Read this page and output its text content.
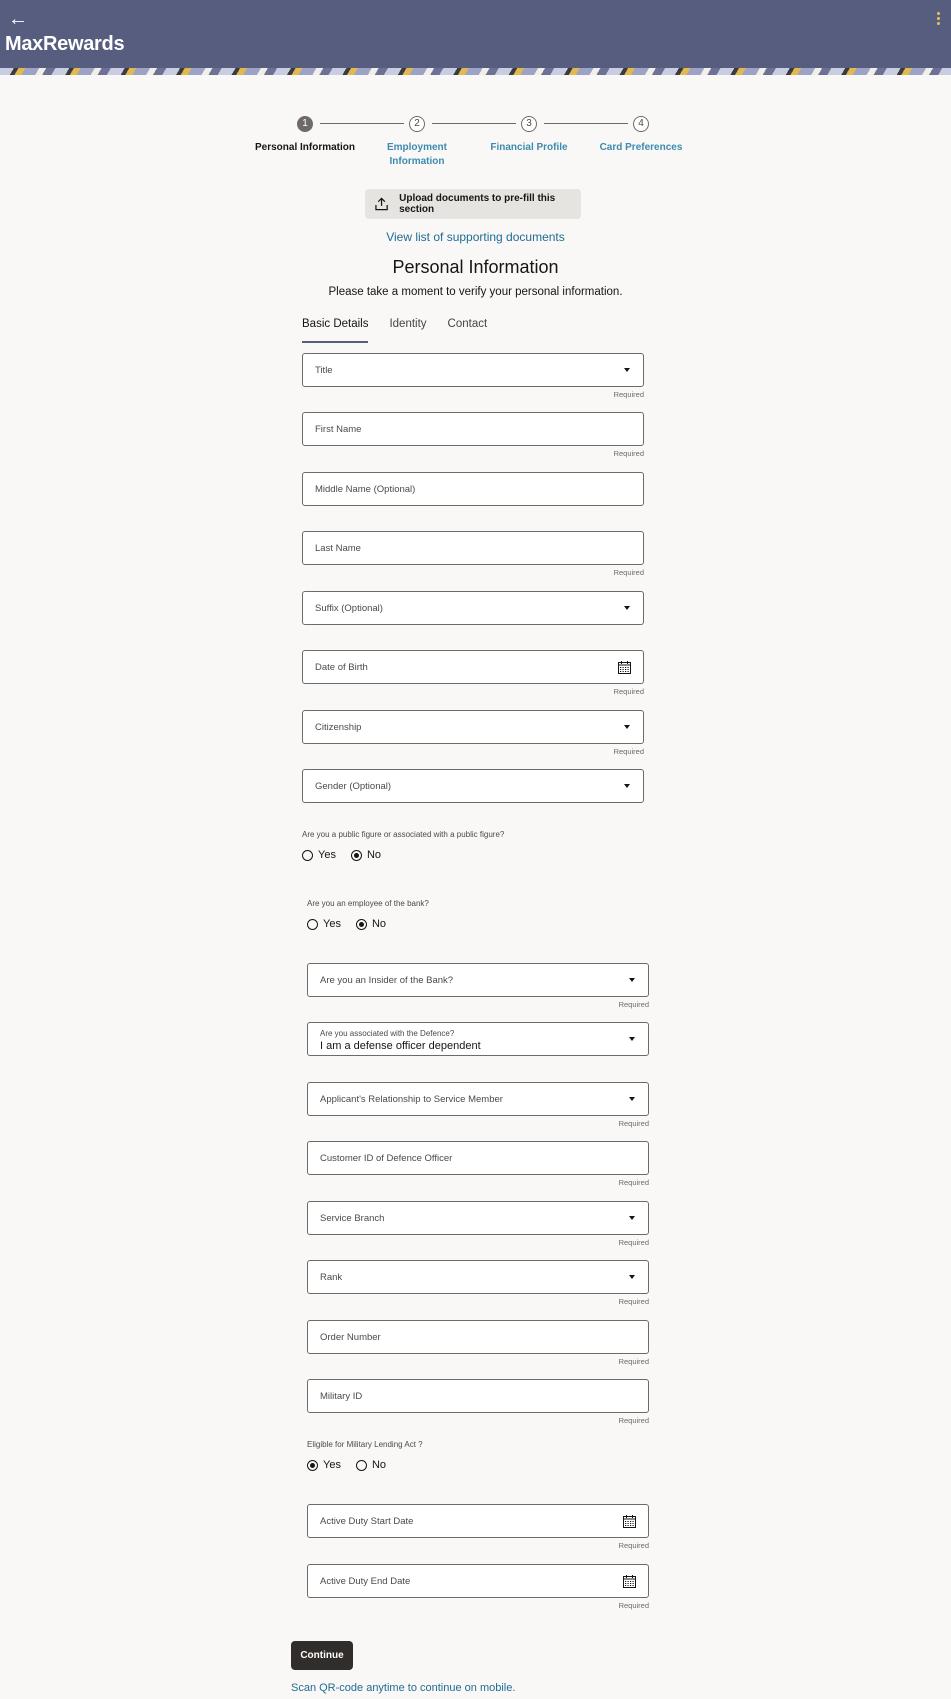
←
MaxRewards
1	2	3	4
Personal Information	Employment Information
Financial Profile	Card Preferences
Upload documents to pre-fill this section
View list of supporting documents
Personal Information
Please take a moment to verify your personal information.
Basic Details Identity Contact
Title
Required
First Name
Required
Middle Name (Optional)
Last Name
Required
Suffix (Optional)
Date of Birth
Required
Citizenship
Required
Gender (Optional)
Are you a public figure or associated with a public figure?
Yes	No
Are you an employee of the bank?
Yes	No
Are you an Insider of the Bank?
Required
Are you associated with the Defence?
I am a defense officer dependent
Applicant's Relationship to Service Member
Required
Customer ID of Defence Officer
Required
Service Branch
Required
Rank
Required
Order Number
Required
Military ID
Required
Eligible for Military Lending Act ?
Yes	No
Active Duty Start Date
Required
Active Duty End Date
Required
Continue
Scan QR-code anytime to continue on mobile.
